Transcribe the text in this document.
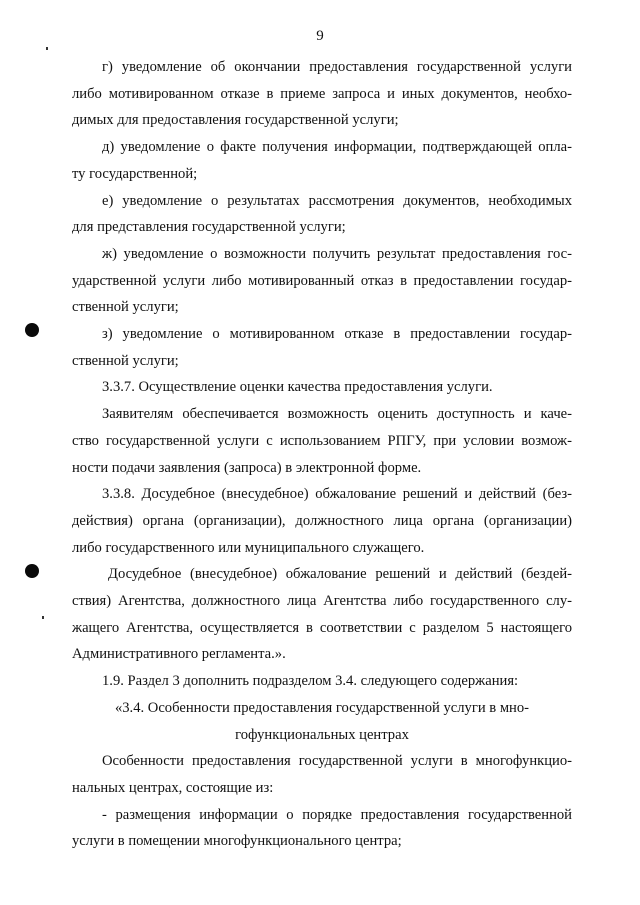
9
г) уведомление об окончании предоставления государственной услуги
либо мотивированном отказе в приеме запроса и иных документов, необхо-
димых для предоставления государственной услуги;
д) уведомление о факте получения информации, подтверждающей опла-
ту государственной;
е) уведомление о результатах рассмотрения документов, необходимых
для представления государственной услуги;
ж) уведомление о возможности получить результат предоставления гос-
ударственной услуги либо мотивированный отказ в предоставлении государ-
ственной услуги;
з) уведомление о мотивированном отказе в предоставлении государ-
ственной услуги;
3.3.7. Осуществление оценки качества предоставления услуги.
Заявителям обеспечивается возможность оценить доступность и каче-
ство государственной услуги с использованием РПГУ, при условии возмож-
ности подачи заявления (запроса) в электронной форме.
3.3.8. Досудебное (внесудебное) обжалование решений и действий (без-
действия) органа (организации), должностного лица органа (организации)
либо государственного или муниципального служащего.
Досудебное (внесудебное) обжалование решений и действий (бездей-
ствия) Агентства, должностного лица Агентства либо государственного слу-
жащего Агентства, осуществляется в соответствии с разделом 5 настоящего
Административного регламента.».
1.9. Раздел 3 дополнить подразделом 3.4. следующего содержания:
«3.4. Особенности предоставления государственной услуги в мно-
гофункциональных центрах
Особенности предоставления государственной услуги в многофункцио-
нальных центрах, состоящие из:
- размещения информации о порядке предоставления государственной
услуги в помещении многофункционального центра;
